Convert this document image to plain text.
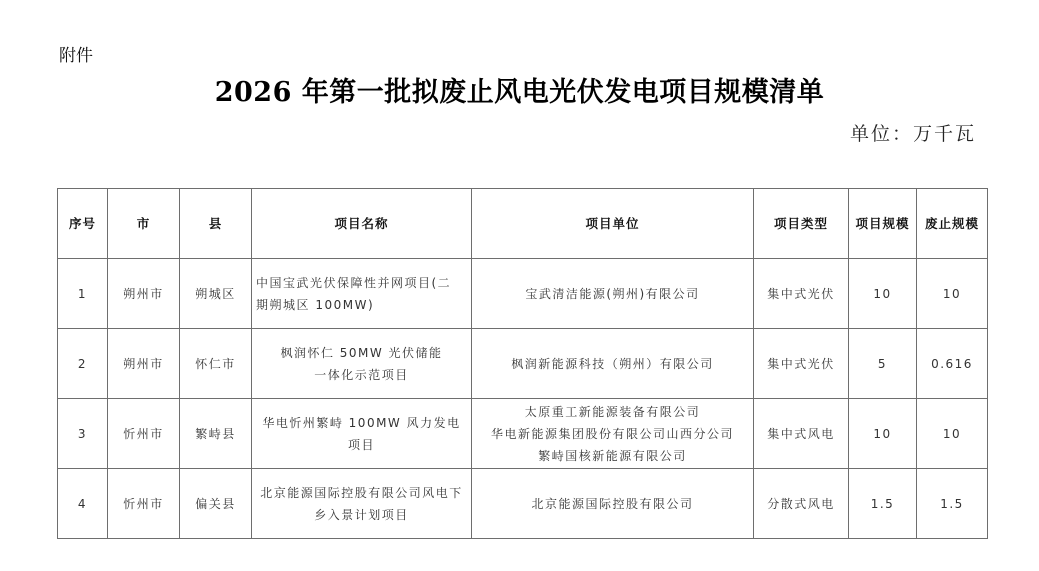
附件
2026 年第一批拟废止风电光伏发电项目规模清单
单位：万千瓦
序号	市	县	项目名称	项目单位	项目类型	项目规模	废止规模
1	朔州市	朔城区	中国宝武光伏保障性并网项目(二
期朔城区 100MW)	宝武清洁能源(朔州)有限公司	集中式光伏	10	10
2	朔州市	怀仁市	枫润怀仁 50MW 光伏储能
一体化示范项目	枫润新能源科技（朔州）有限公司	集中式光伏	5	0.616
3	忻州市	繁峙县	华电忻州繁峙 100MW 风力发电项目	太原重工新能源装备有限公司
华电新能源集团股份有限公司山西分公司
繁峙国核新能源有限公司	集中式风电	10	10
4	忻州市	偏关县	北京能源国际控股有限公司风电下
乡入景计划项目	北京能源国际控股有限公司	分散式风电	1.5	1.5
